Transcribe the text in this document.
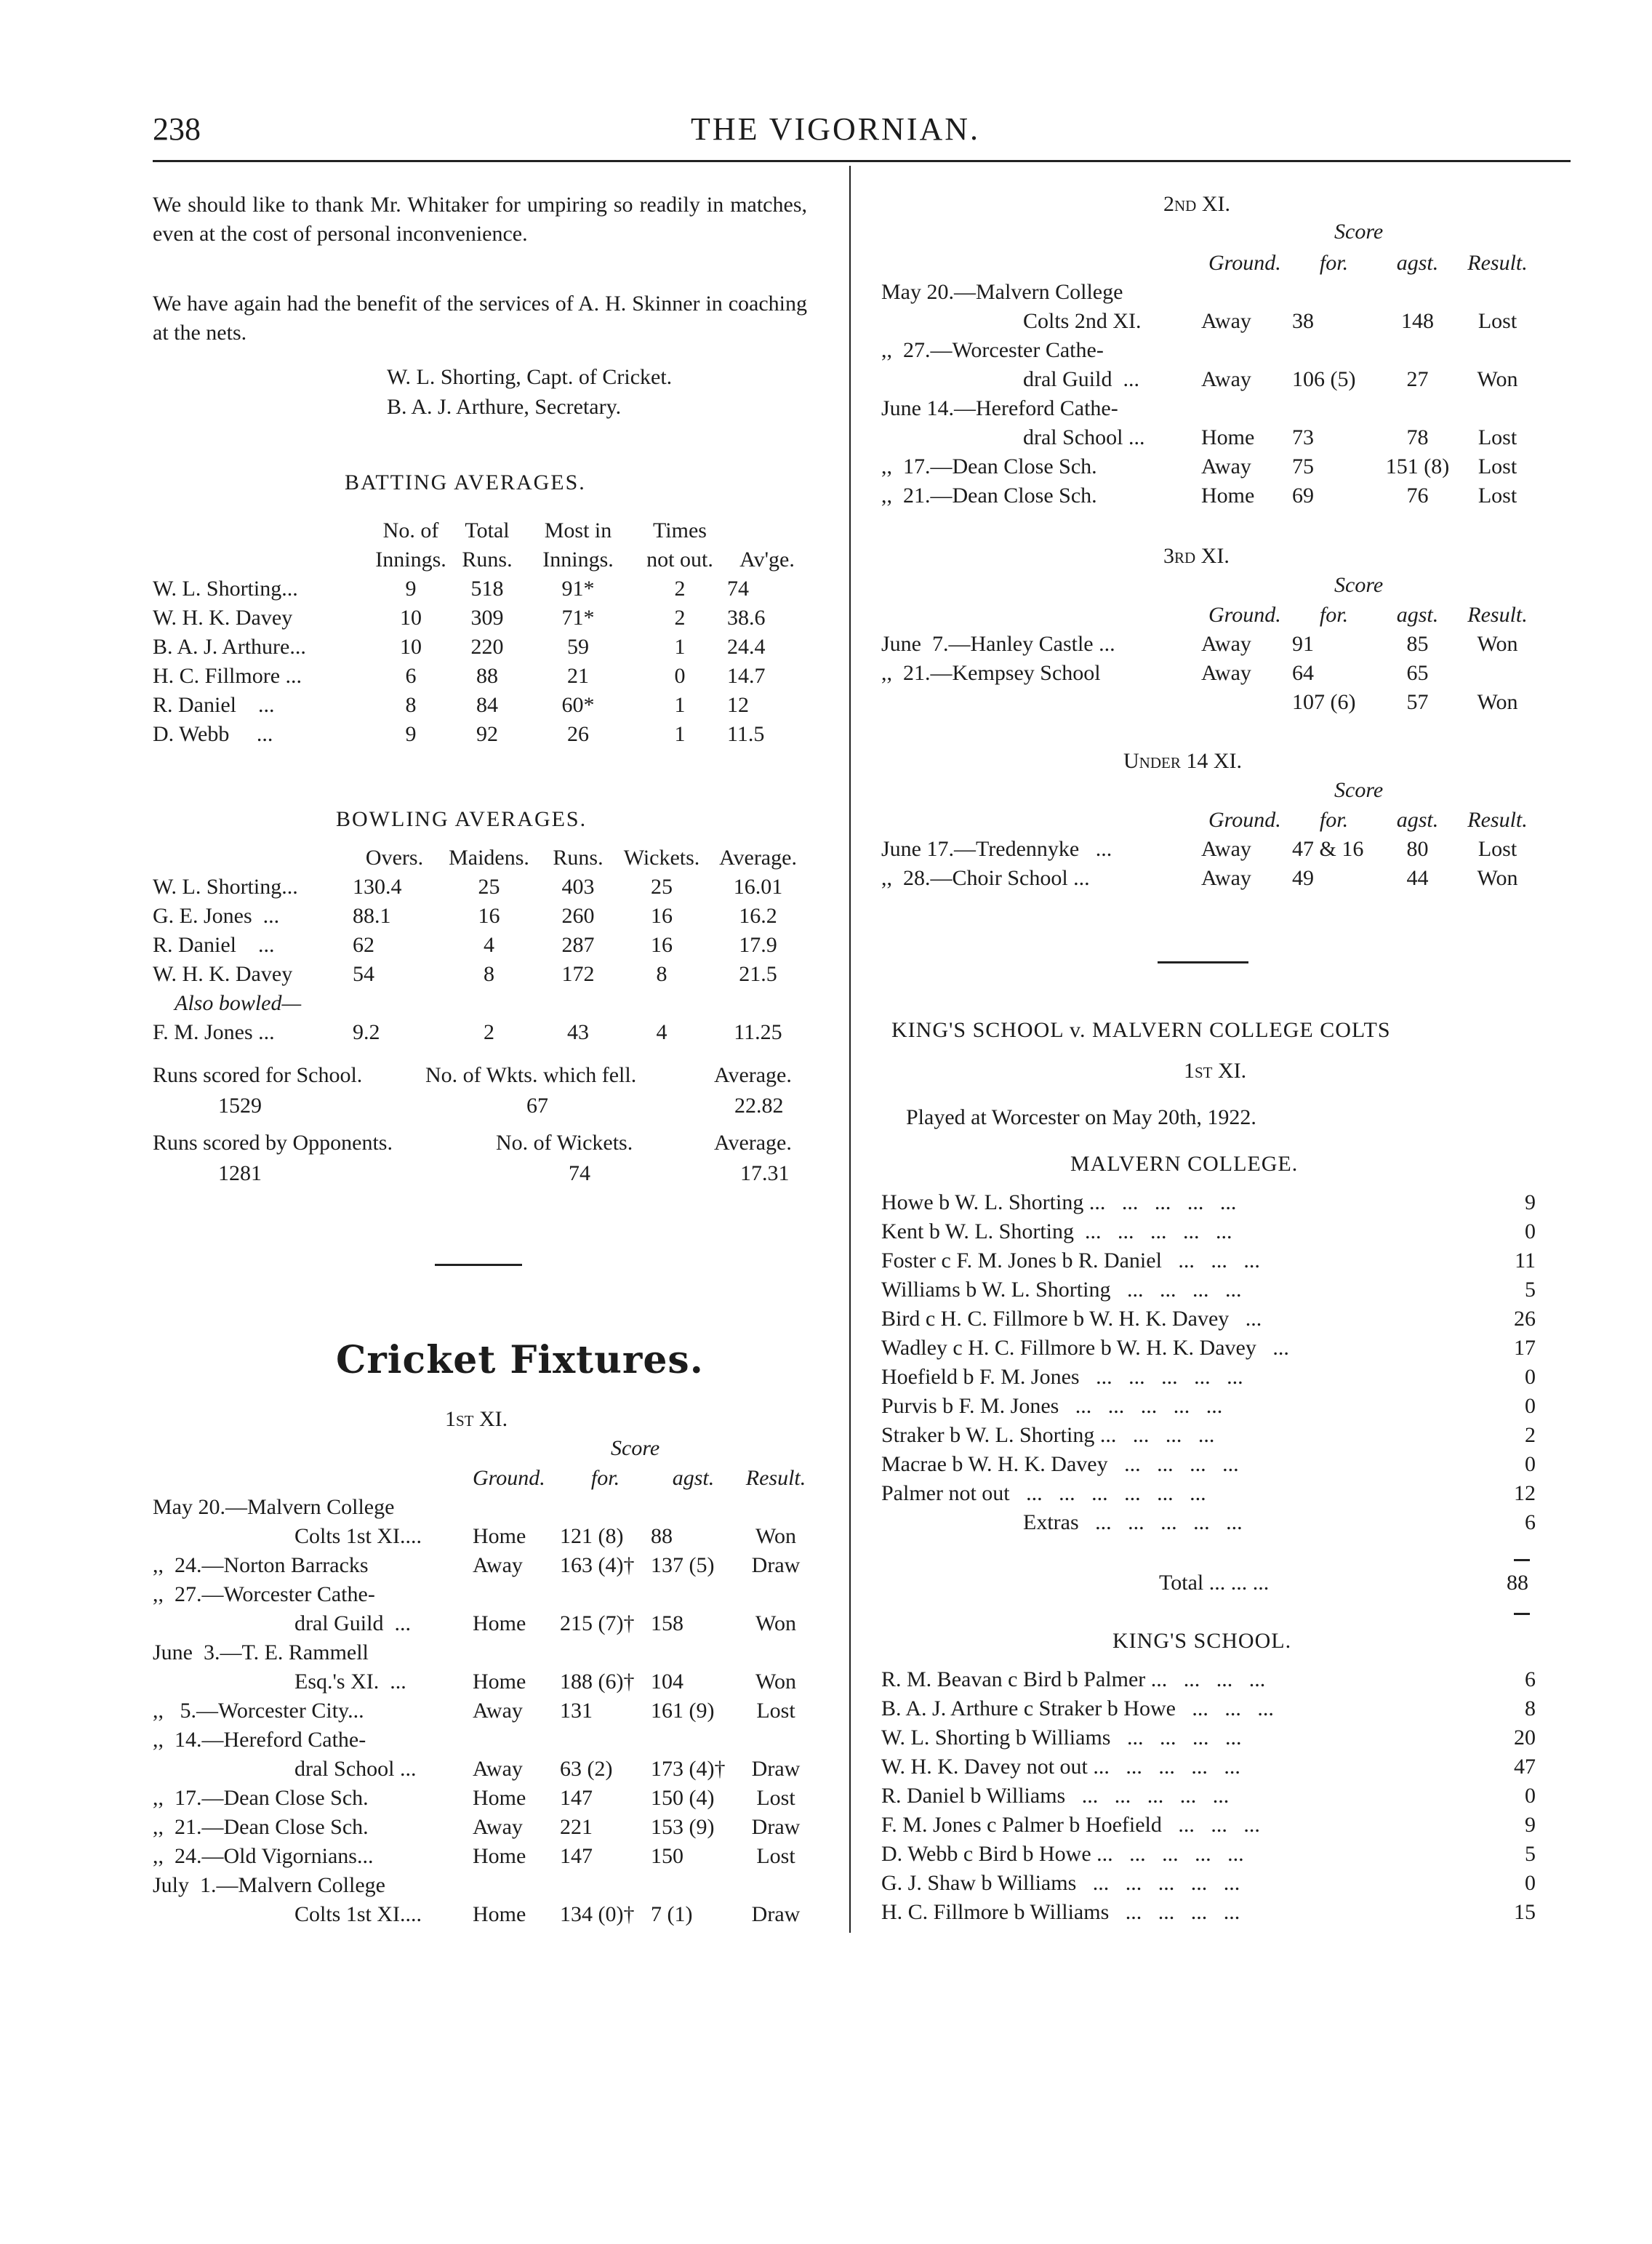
238	THE VIGORNIAN.
We should like to thank Mr. Whitaker for umpiring so readily in matches, even at the cost of personal inconvenience.
We have again had the benefit of the services of A. H. Skinner in coaching at the nets.
W. L. Shorting, Capt. of Cricket.
B. A. J. Arthure, Secretary.
BATTING AVERAGES.
	No. of	Total	Most in	Times	
	Innings.	Runs.	Innings.	not out.	Av'ge.
W. L. Shorting...	9	518	91*	2	74
W. H. K. Davey	10	309	71*	2	38.6
B. A. J. Arthure...	10	220	59	1	24.4
H. C. Fillmore ...	6	88	21	0	14.7
R. Daniel    ...	8	84	60*	1	12
D. Webb     ...	9	92	26	1	11.5
BOWLING AVERAGES.
	Overs.	Maidens.	Runs.	Wickets.	Average.
W. L. Shorting...	130.4	25	403	25	16.01
G. E. Jones  ...	88.1	16	260	16	16.2
R. Daniel    ...	62	4	287	16	17.9
W. H. K. Davey	54	8	172	8	21.5
Also bowled—					
F. M. Jones ...	9.2	2	43	4	11.25
Runs scored for School.	No. of Wkts. which fell.	Average.
1529	67	22.82
Runs scored by Opponents.	No. of Wickets.	Average.
1281	74	17.31
Cricket Fixtures.
1st XI.
Score
	Ground.	for.	agst.	Result.
May 20.—Malvern College				
Colts 1st XI....	Home	121 (8)	88	Won
,,  24.—Norton Barracks	Away	163 (4)†	137 (5)	Draw
,,  27.—Worcester Cathe-				
dral Guild  ...	Home	215 (7)†	158	Won
June  3.—T. E. Rammell				
Esq.'s XI.  ...	Home	188 (6)†	104	Won
,,   5.—Worcester City...	Away	131	161 (9)	Lost
,,  14.—Hereford Cathe-				
dral School ...	Away	63 (2)	173 (4)†	Draw
,,  17.—Dean Close Sch.	Home	147	150 (4)	Lost
,,  21.—Dean Close Sch.	Away	221	153 (9)	Draw
,,  24.—Old Vigornians...	Home	147	150	Lost
July  1.—Malvern College				
Colts 1st XI....	Home	134 (0)†	7 (1)	Draw
2nd XI.
Score
	Ground.	for.	agst.	Result.
May 20.—Malvern College				
Colts 2nd XI.	Away	38	148	Lost
,,  27.—Worcester Cathe-				
dral Guild  ...	Away	106 (5)	27	Won
June 14.—Hereford Cathe-				
dral School ...	Home	73	78	Lost
,,  17.—Dean Close Sch.	Away	75	151 (8)	Lost
,,  21.—Dean Close Sch.	Home	69	76	Lost
3rd XI.
Score
	Ground.	for.	agst.	Result.
June  7.—Hanley Castle ...	Away	91	85	Won
,,  21.—Kempsey School	Away	64	65	
		107 (6)	57	Won
Under 14 XI.
Score
	Ground.	for.	agst.	Result.
June 17.—Tredennyke   ...	Away	47 & 16	80	Lost
,,  28.—Choir School ...	Away	49	44	Won
KING'S SCHOOL v. MALVERN COLLEGE COLTS
1st XI.
Played at Worcester on May 20th, 1922.
MALVERN COLLEGE.
Howe b W. L. Shorting ...   ...   ...   ...   ...	9
Kent b W. L. Shorting  ...   ...   ...   ...   ...	0
Foster c F. M. Jones b R. Daniel   ...   ...   ...	11
Williams b W. L. Shorting   ...   ...   ...   ...	5
Bird c H. C. Fillmore b W. H. K. Davey   ...	26
Wadley c H. C. Fillmore b W. H. K. Davey   ...	17
Hoefield b F. M. Jones   ...   ...   ...   ...   ...	0
Purvis b F. M. Jones   ...   ...   ...   ...   ...	0
Straker b W. L. Shorting ...   ...   ...   ...	2
Macrae b W. H. K. Davey   ...   ...   ...   ...	0
Palmer not out   ...   ...   ...   ...   ...   ...	12
Extras   ...   ...   ...   ...   ...	6
Total ... ... ...	88
KING'S SCHOOL.
R. M. Beavan c Bird b Palmer ...   ...   ...   ...	6
B. A. J. Arthure c Straker b Howe   ...   ...   ...	8
W. L. Shorting b Williams   ...   ...   ...   ...	20
W. H. K. Davey not out ...   ...   ...   ...   ...	47
R. Daniel b Williams   ...   ...   ...   ...   ...	0
F. M. Jones c Palmer b Hoefield   ...   ...   ...	9
D. Webb c Bird b Howe ...   ...   ...   ...   ...	5
G. J. Shaw b Williams   ...   ...   ...   ...   ...	0
H. C. Fillmore b Williams   ...   ...   ...   ...	15
